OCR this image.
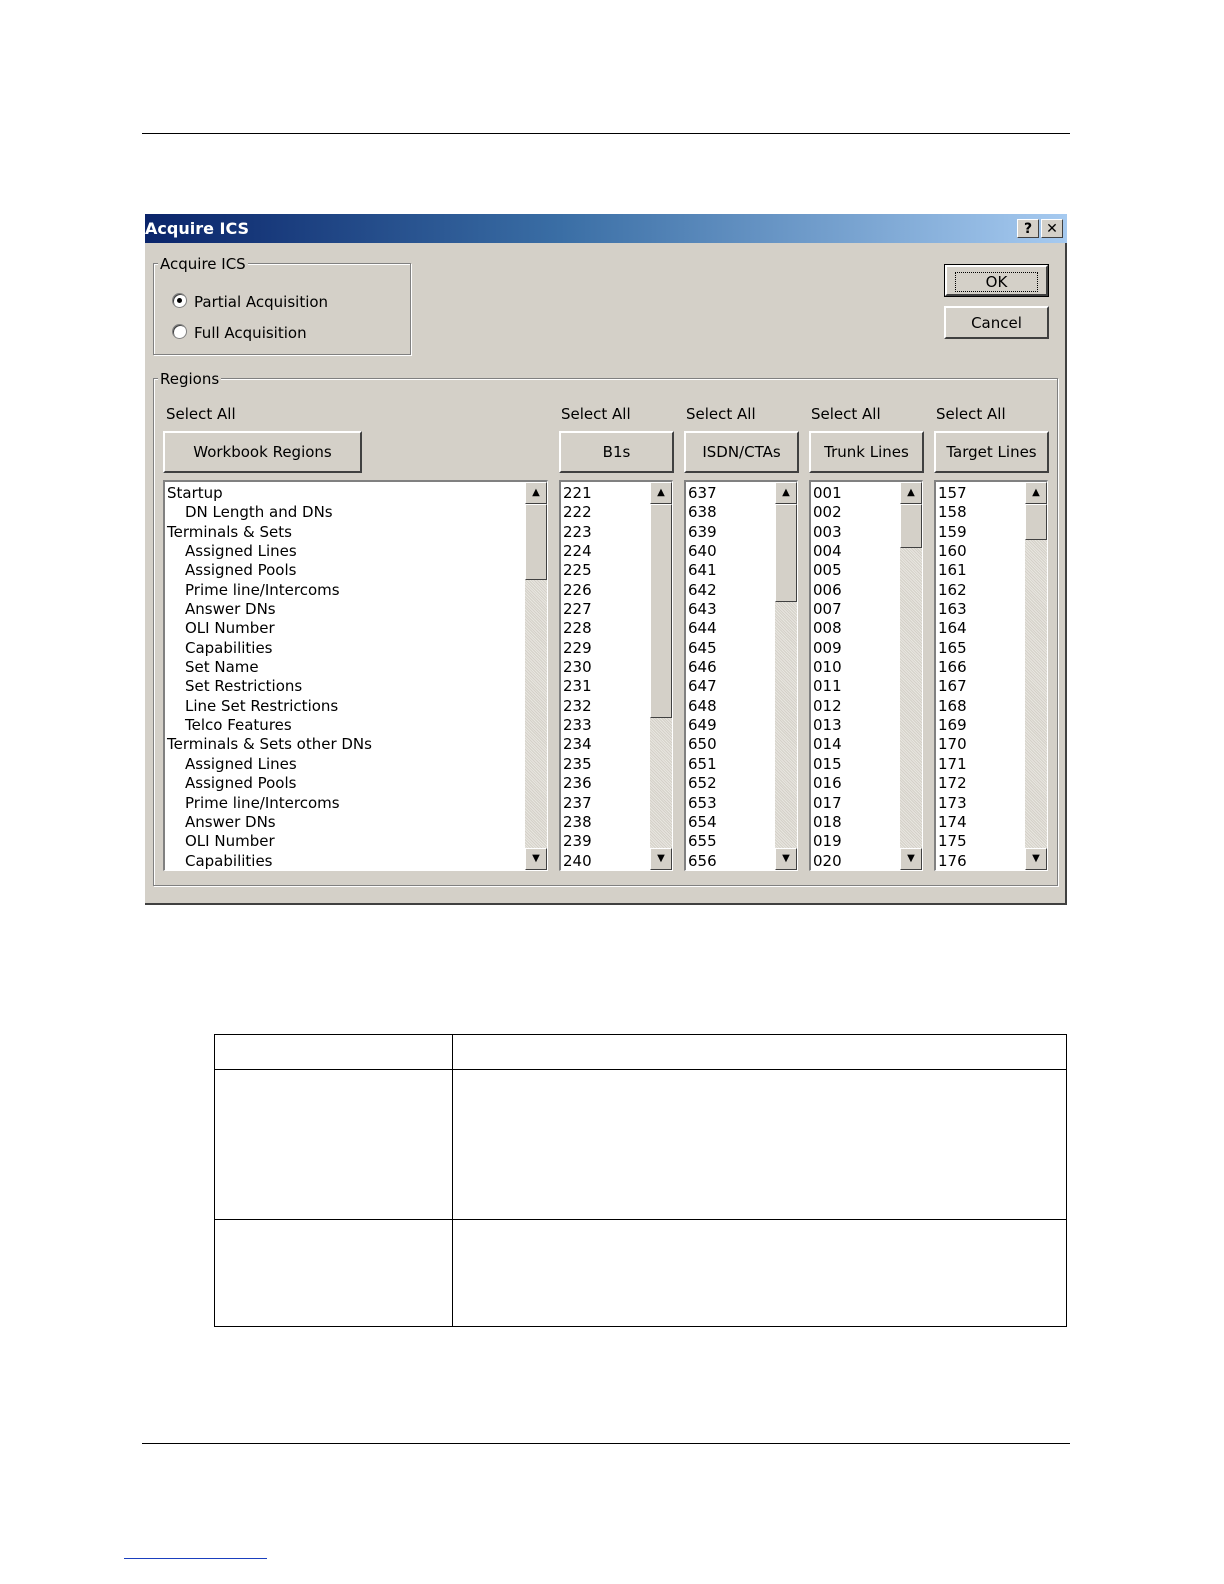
Acquire ICS	?	✕
Acquire ICS
Partial Acquisition
Full Acquisition
OK
Cancel
Regions
Select All
Workbook Regions
Startup
DN Length and DNs
Terminals & Sets
Assigned Lines
Assigned Pools
Prime line/Intercoms
Answer DNs
OLI Number
Capabilities
Set Name
Set Restrictions
Line Set Restrictions
Telco Features
Terminals & Sets other DNs
Assigned Lines
Assigned Pools
Prime line/Intercoms
Answer DNs
OLI Number
Capabilities
▲
▼
Select All
B1s
221
222
223
224
225
226
227
228
229
230
231
232
233
234
235
236
237
238
239
240
▲
▼
Select All
ISDN/CTAs
637
638
639
640
641
642
643
644
645
646
647
648
649
650
651
652
653
654
655
656
▲
▼
Select All
Trunk Lines
001
002
003
004
005
006
007
008
009
010
011
012
013
014
015
016
017
018
019
020
▲
▼
Select All
Target Lines
157
158
159
160
161
162
163
164
165
166
167
168
169
170
171
172
173
174
175
176
▲
▼
